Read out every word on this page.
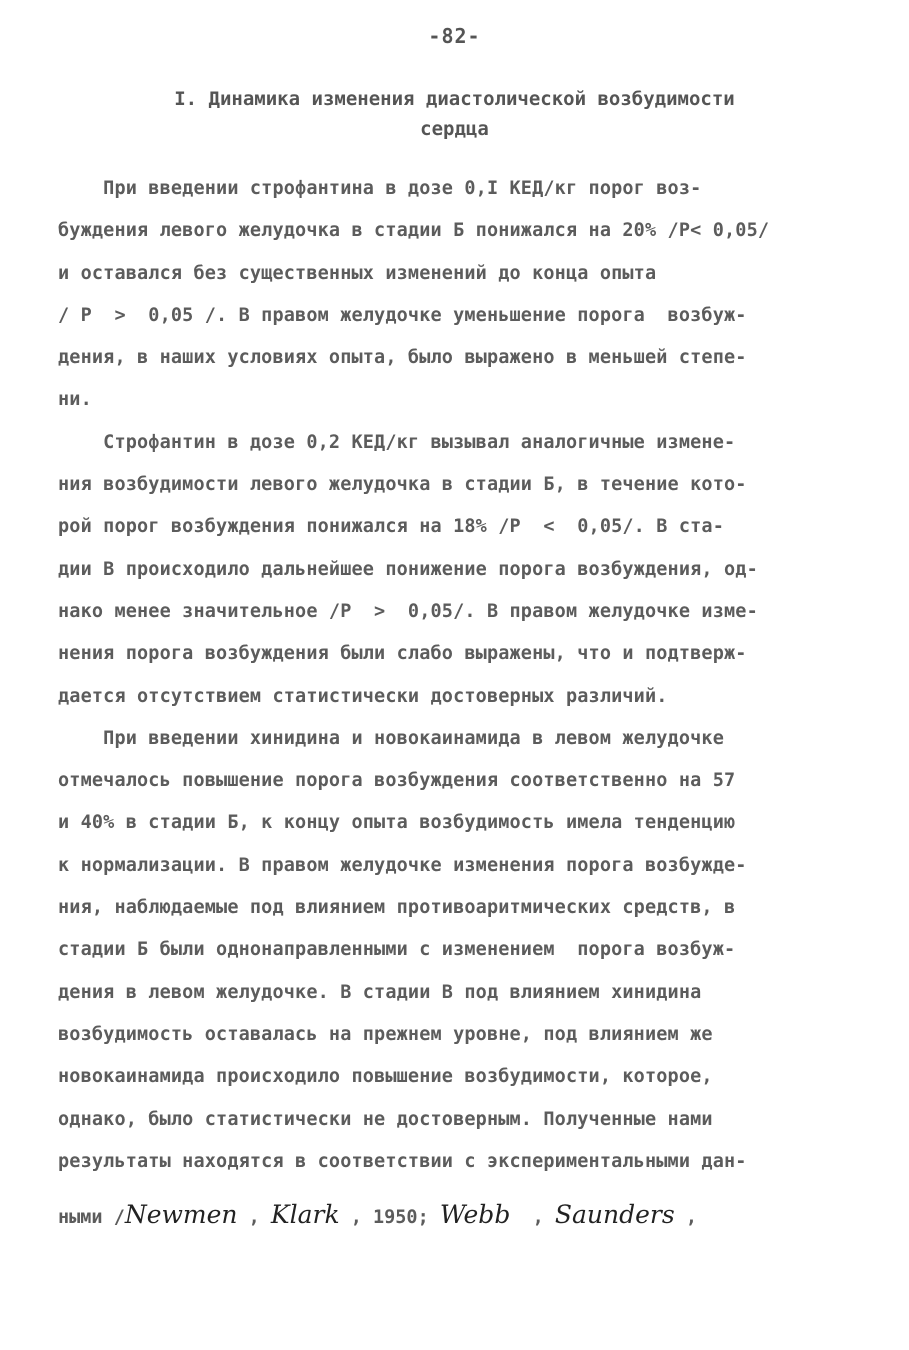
-82-
I. Динамика изменения диастолической возбудимости
сердца
При введении строфантина в дозе 0,I КЕД/кг порог воз-
буждения левого желудочка в стадии Б понижался на 20% /Р< 0,05/
и оставался без существенных изменений до конца опыта
/ Р  >  0,05 /. В правом желудочке уменьшение порога  возбуж-
дения, в наших условиях опыта, было выражено в меньшей степе-
ни.
Строфантин в дозе 0,2 КЕД/кг вызывал аналогичные измене-
ния возбудимости левого желудочка в стадии Б, в течение кото-
рой порог возбуждения понижался на 18% /Р  <  0,05/. В ста-
дии В происходило дальнейшее понижение порога возбуждения, од-
нако менее значительное /Р  >  0,05/. В правом желудочке изме-
нения порога возбуждения были слабо выражены, что и подтверж-
дается отсутствием статистически достоверных различий.
При введении хинидина и новокаинамида в левом желудочке
отмечалось повышение порога возбуждения соответственно на 57
и 40% в стадии Б, к концу опыта возбудимость имела тенденцию
к нормализации. В правом желудочке изменения порога возбужде-
ния, наблюдаемые под влиянием противоаритмических средств, в
стадии Б были однонаправленными с изменением  порога возбуж-
дения в левом желудочке. В стадии В под влиянием хинидина
возбудимость оставалась на прежнем уровне, под влиянием же
новокаинамида происходило повышение возбудимости, которое,
однако, было статистически не достоверным. Полученные нами
результаты находятся в соответствии с экспериментальными дан-
ными /Newmen , Klark , 1950; Webb  , Saunders ,
